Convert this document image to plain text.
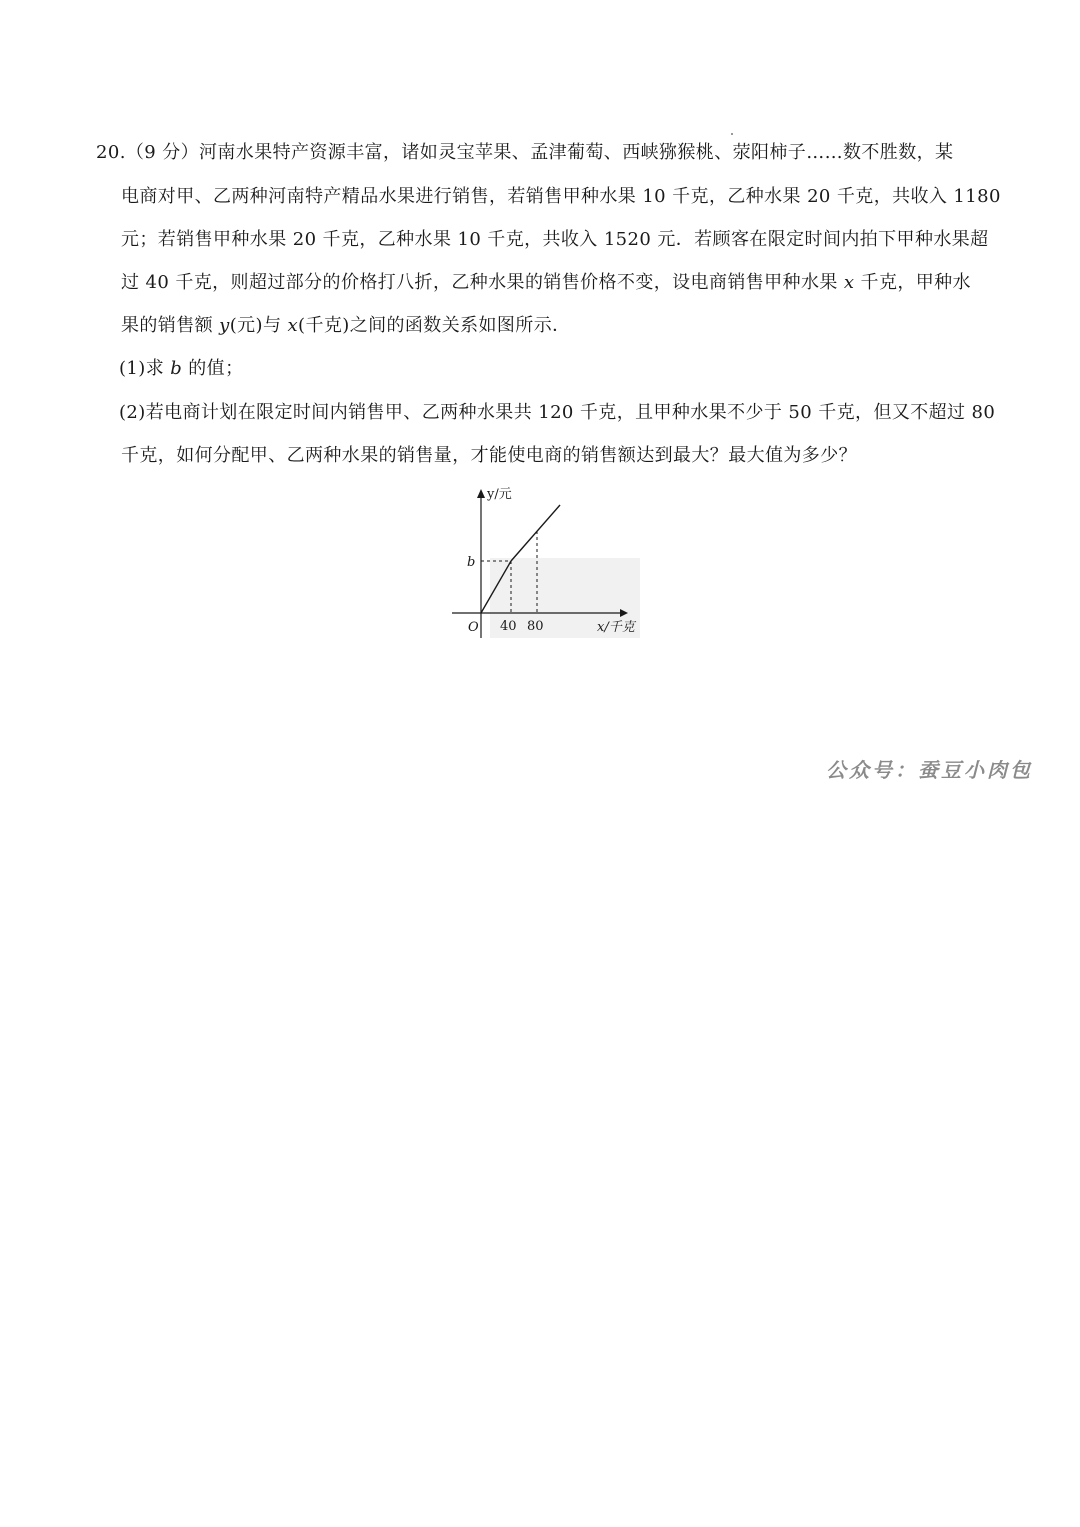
20.（9 分）河南水果特产资源丰富，诸如灵宝苹果、孟津葡萄、西峡猕猴桃、荥阳柿子……数不胜数，某
电商对甲、乙两种河南特产精品水果进行销售，若销售甲种水果 10 千克，乙种水果 20 千克，共收入 1180
元；若销售甲种水果 20 千克，乙种水果 10 千克，共收入 1520 元．若顾客在限定时间内拍下甲种水果超
过 40 千克，则超过部分的价格打八折，乙种水果的销售价格不变，设电商销售甲种水果 x 千克，甲种水
果的销售额 y(元)与 x(千克)之间的函数关系如图所示．
(1)求 b 的值；
(2)若电商计划在限定时间内销售甲、乙两种水果共 120 千克，且甲种水果不少于 50 千克，但又不超过 80
千克，如何分配甲、乙两种水果的销售量，才能使电商的销售额达到最大？最大值为多少？
y/元
x/千克
O
b
40 80
公众号：蚕豆小肉包
